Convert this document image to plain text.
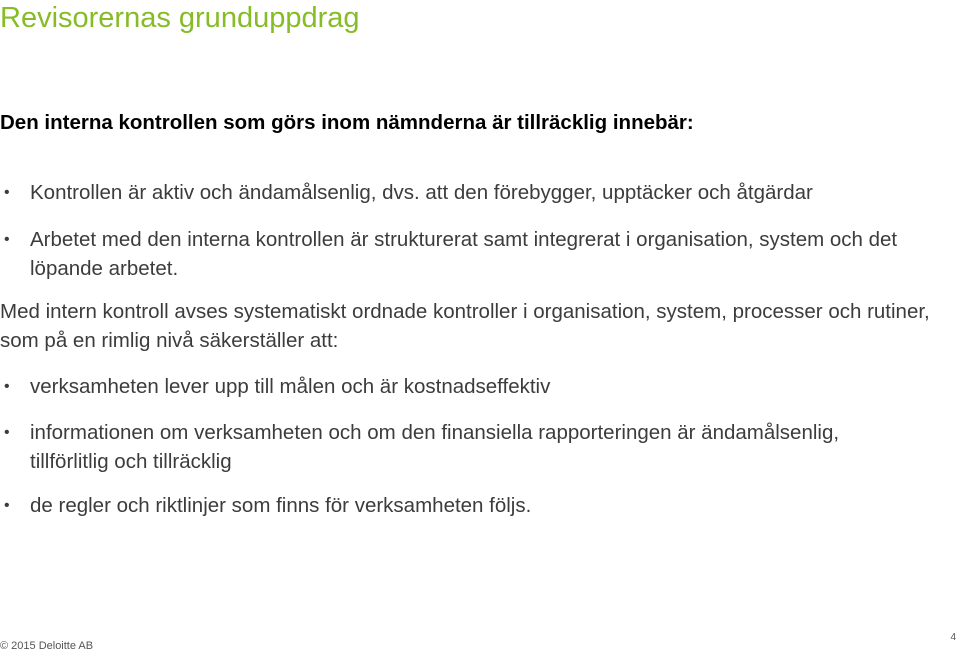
Revisorernas grunduppdrag
Den interna kontrollen som görs inom nämnderna är tillräcklig innebär:
• Kontrollen är aktiv och ändamålsenlig, dvs. att den förebygger, upptäcker och åtgärdar
• Arbetet med den interna kontrollen är strukturerat samt integrerat i organisation, system och det löpande arbetet.
Med intern kontroll avses systematiskt ordnade kontroller i organisation, system, processer och rutiner, som på en rimlig nivå säkerställer att:
• verksamheten lever upp till målen och är kostnadseffektiv
• informationen om verksamheten och om den finansiella rapporteringen är ändamålsenlig, tillförlitlig och tillräcklig
• de regler och riktlinjer som finns för verksamheten följs.
© 2015 Deloitte AB
4
